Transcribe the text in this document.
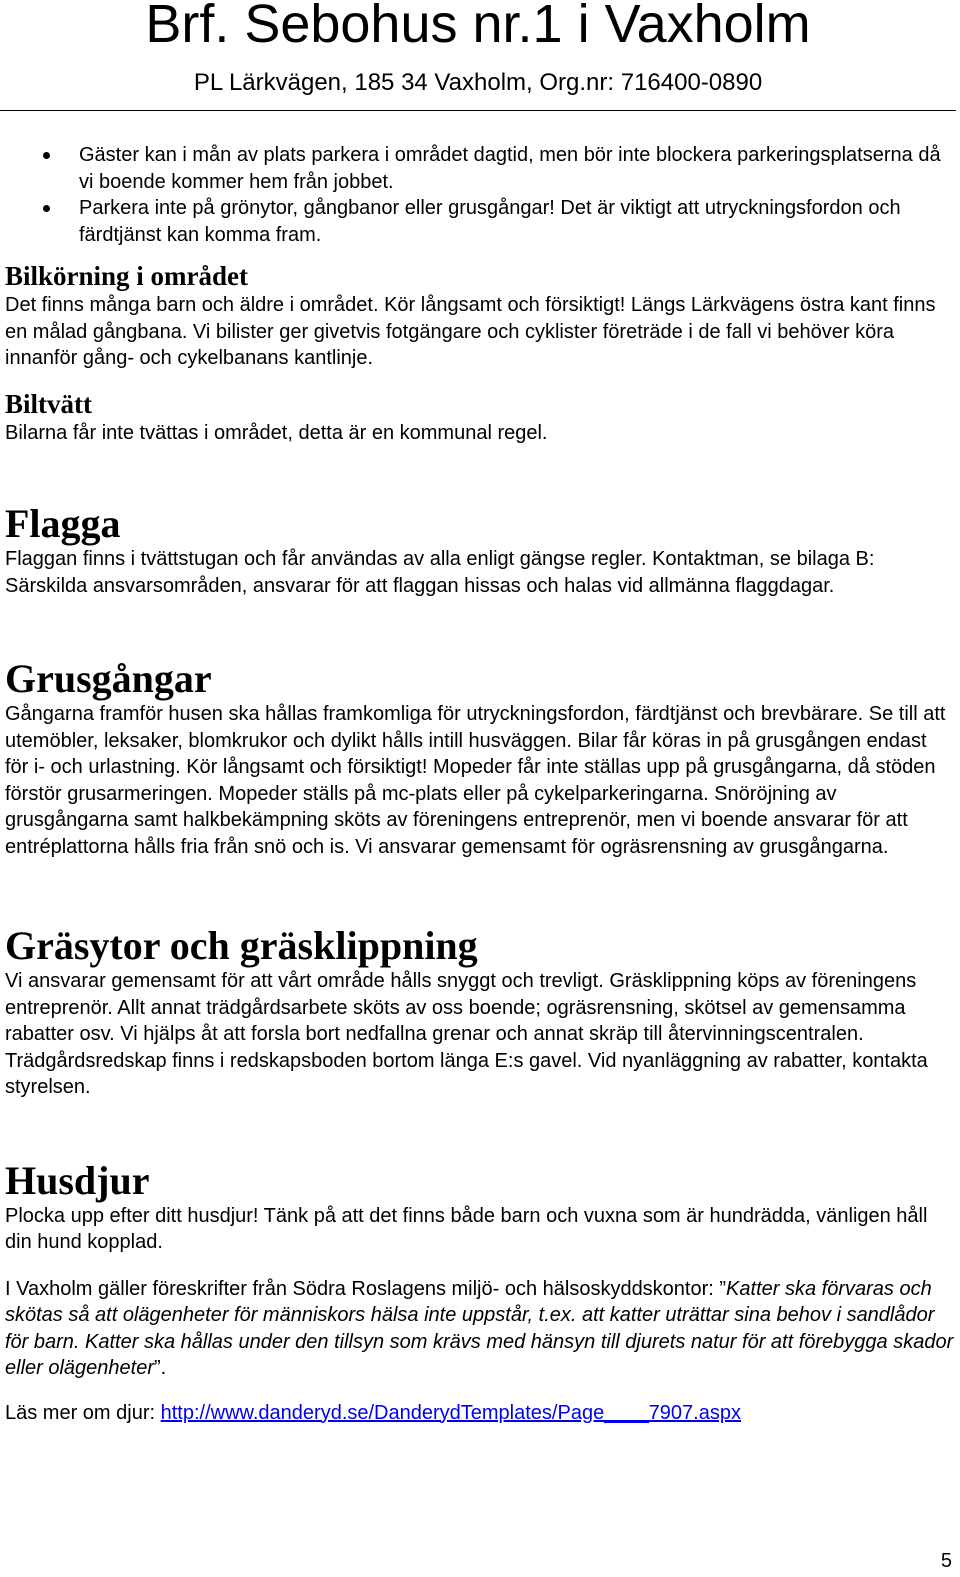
Brf. Sebohus nr.1 i Vaxholm
PL Lärkvägen, 185 34 Vaxholm, Org.nr: 716400-0890
Gäster kan i mån av plats parkera i området dagtid, men bör inte blockera parkeringsplatserna då vi boende kommer hem från jobbet.
Parkera inte på grönytor, gångbanor eller grusgångar! Det är viktigt att utryckningsfordon och färdtjänst kan komma fram.
Bilkörning i området

Det finns många barn och äldre i området. Kör långsamt och försiktigt! Längs Lärkvägens östra kant finns en målad gångbana. Vi bilister ger givetvis fotgängare och cyklister företräde i de fall vi behöver köra innanför gång- och cykelbanans kantlinje.

Biltvätt

Bilarna får inte tvättas i området, detta är en kommunal regel.

Flagga

Flaggan finns i tvättstugan och får användas av alla enligt gängse regler. Kontaktman, se bilaga B: Särskilda ansvarsområden, ansvarar för att flaggan hissas och halas vid allmänna flaggdagar.

Grusgångar

Gångarna framför husen ska hållas framkomliga för utryckningsfordon, färdtjänst och brevbärare. Se till att utemöbler, leksaker, blomkrukor och dylikt hålls intill husväggen. Bilar får köras in på grusgången endast för i- och urlastning. Kör långsamt och försiktigt! Mopeder får inte ställas upp på grusgångarna, då stöden förstör grusarmeringen. Mopeder ställs på mc-plats eller på cykelparkeringarna. Snöröjning av grusgångarna samt halkbekämpning sköts av föreningens entreprenör, men vi boende ansvarar för att entréplattorna hålls fria från snö och is. Vi ansvarar gemensamt för ogräsrensning av grusgångarna.

Gräsytor och gräsklippning

Vi ansvarar gemensamt för att vårt område hålls snyggt och trevligt. Gräsklippning köps av föreningens entreprenör. Allt annat trädgårdsarbete sköts av oss boende; ogräsrensning, skötsel av gemensamma rabatter osv. Vi hjälps åt att forsla bort nedfallna grenar och annat skräp till återvinningscentralen. Trädgårdsredskap finns i redskapsboden bortom länga E:s gavel. Vid nyanläggning av rabatter, kontakta styrelsen.

Husdjur

Plocka upp efter ditt husdjur! Tänk på att det finns både barn och vuxna som är hundrädda, vänligen håll din hund kopplad.

I Vaxholm gäller föreskrifter från Södra Roslagens miljö- och hälsoskyddskontor: ”Katter ska förvaras och skötas så att olägenheter för människors hälsa inte uppstår, t.ex. att katter uträttar sina behov i sandlådor för barn. Katter ska hållas under den tillsyn som krävs med hänsyn till djurets natur för att förebygga skador eller olägenheter”.

Läs mer om djur: http://www.danderyd.se/DanderydTemplates/Page____7907.aspx

5
